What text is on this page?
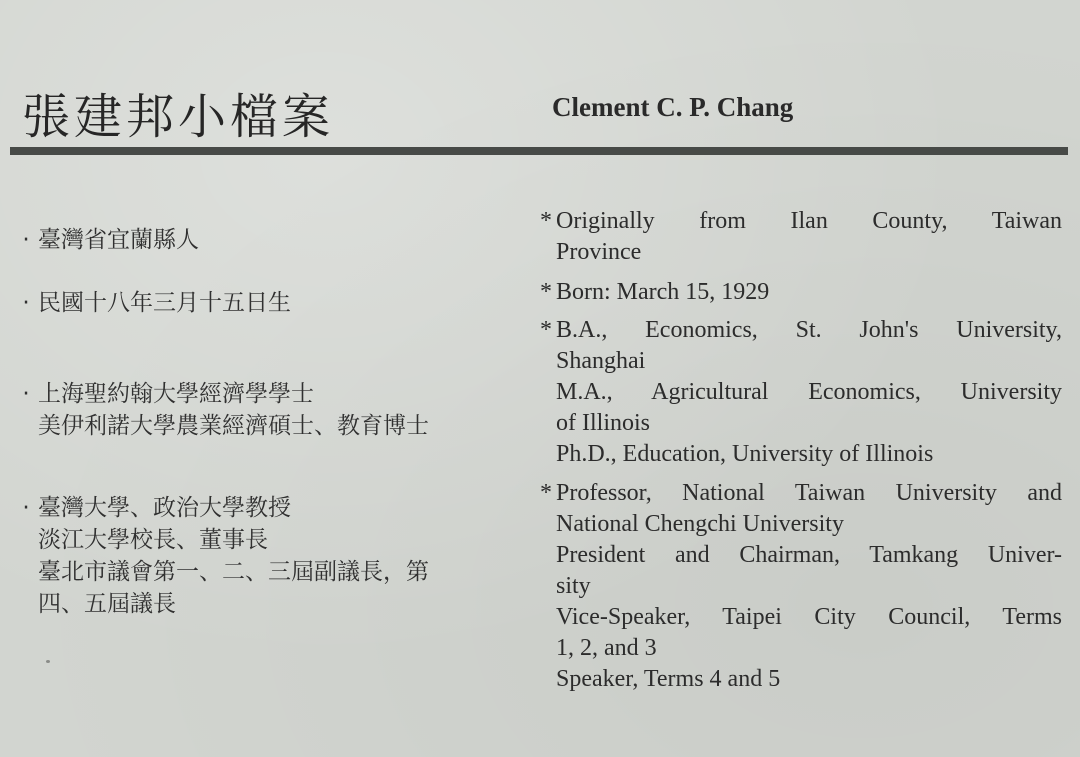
張建邦小檔案	Clement C. P. Chang
· 臺灣省宜蘭縣人
· 民國十八年三月十五日生
· 上海聖約翰大學經濟學學士
美伊利諾大學農業經濟碩士、教育博士
· 臺灣大學、政治大學教授
淡江大學校長、董事長
臺北市議會第一、二、三屆副議長，第
四、五屆議長
* Originally from Ilan County, Taiwan
Province
* Born: March 15, 1929
* B.A., Economics, St. John's University,
Shanghai
M.A., Agricultural Economics, University
of Illinois
Ph.D., Education, University of Illinois
* Professor, National Taiwan University and
National Chengchi University
President and Chairman, Tamkang Univer-
sity
Vice-Speaker, Taipei City Council, Terms
1, 2, and 3
Speaker, Terms 4 and 5
